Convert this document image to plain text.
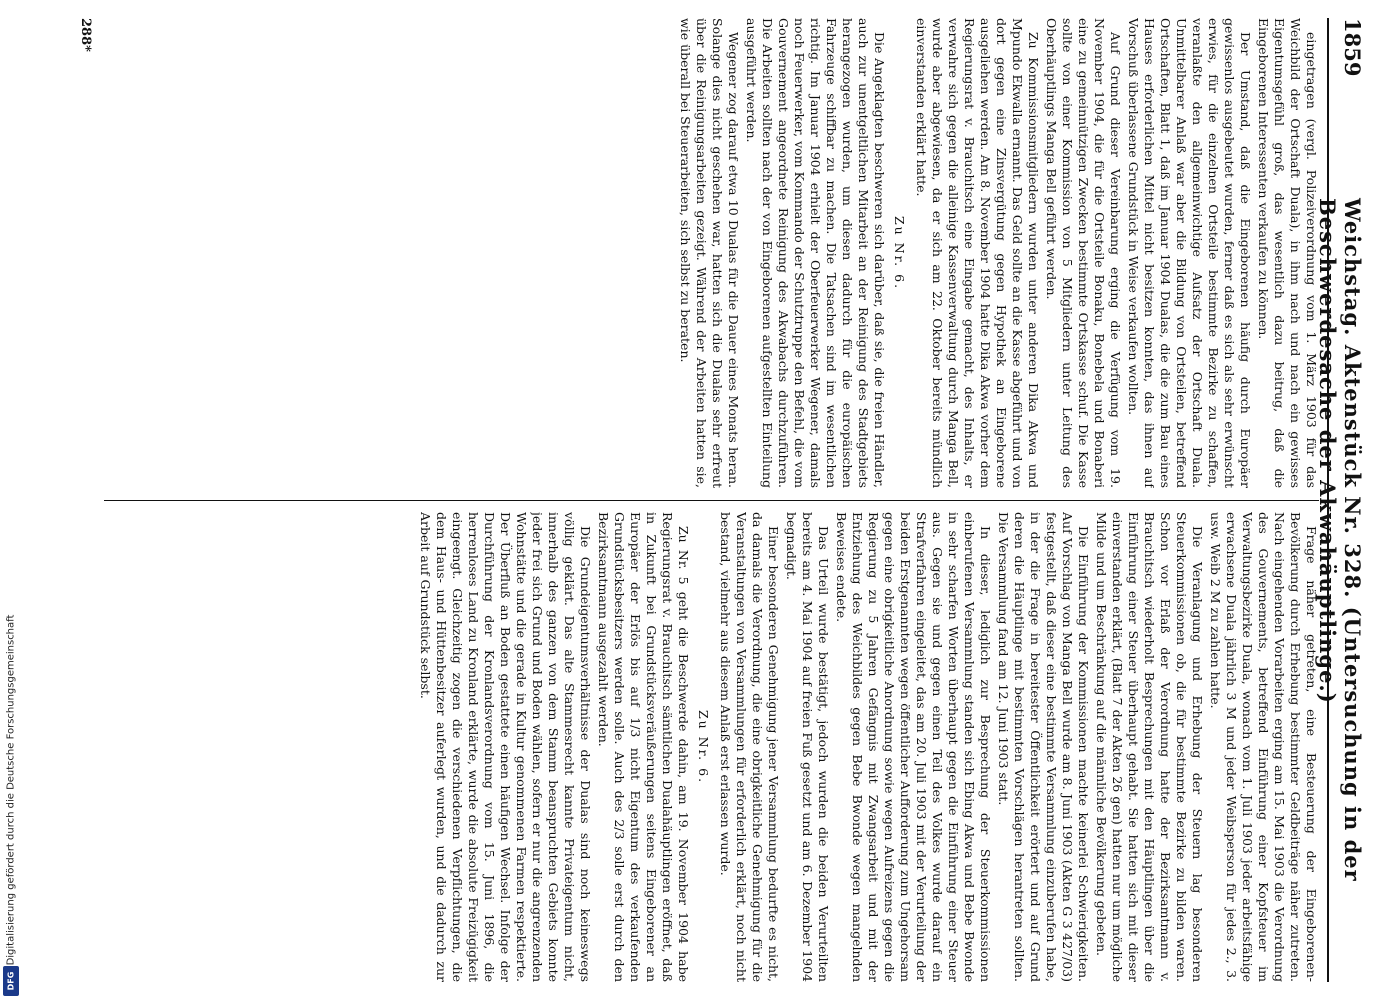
Digitalisierung gefördert durch die Deutsche Forschungsgemeinschaft
DFG
1859
Weichstag. Aktenstück Nr. 328. (Untersuchung in der Beschwerdesache der Akwahäuptlinge.)

eingetragen (vergl. Polizeiverordnung vom 1. März 1903 für das Weichbild der Ortschaft Duala), in ihm nach und nach ein gewisses Eigentumsgefühl groß, das wesentlich dazu beitrug, daß die Eingeborenen Interessenten verkaufen zu können.

Der Umstand, daß die Eingeborenen häufig durch Europäer gewissenlos ausgebeutet wurden, ferner daß es sich als sehr erwünscht erwies, für die einzelnen Ortsteile bestimmte Bezirke zu schaffen, veranlaßte den allgemeinwichtige Aufsatz der Ortschaft Duala. Unmittelbarer Anlaß war aber die Bildung von Ortsteilen, betreffend Ortschaften, Blatt 1, daß im Januar 1904 Dualas, die die zum Bau eines Hauses erforderlichen Mittel nicht besitzen konnten, das ihnen auf Vorschuß überlassene Grundstück in Weise verkaufen wollten.

Auf Grund dieser Vereinbarung erging die Verfügung vom 19. November 1904, die für die Ortsteile Bonaku, Bonebela und Bonaberi eine zu gemeinnützigen Zwecken bestimmte Ortskasse schuf. Die Kasse sollte von einer Kommission von 5 Mitgliedern unter Leitung des Oberhäuptlings Manga Bell geführt werden.

Zu Kommissionsmitgliedern wurden unter anderen Dika Akwa und Mpundo Ekwalla ernannt. Das Geld sollte an die Kasse abgeführt und von dort gegen eine Zinsvergütung gegen Hypothek an Eingeborene ausgeliehen werden. Am 8. November 1904 hatte Dika Akwa vorher dem Regierungsrat v. Brauchitsch eine Eingabe gemacht, des Inhalts, er verwahre sich gegen die alleinige Kassenverwaltung durch Manga Bell, wurde aber abgewiesen, da er sich am 22. Oktober bereits mündlich einverstanden erklärt hatte.

Zu Nr. 6.

Die Angeklagten beschweren sich darüber, daß sie, die freien Händler, auch zur unentgeltlichen Mitarbeit an der Reinigung des Stadtgebiets herangezogen wurden, um diesen dadurch für die europäischen Fahrzeuge schiffbar zu machen. Die Tatsachen sind im wesentlichen richtig. Im Januar 1904 erhielt der Oberfeuerwerker Wegener, damals noch Feuerwerker, vom Kommando der Schutztruppe den Befehl, die vom Gouvernement angeordnete Reinigung des Akwabachs durchzuführen. Die Arbeiten sollten nach der von Eingeborenen aufgestellten Einteilung ausgeführt werden.

Wegener zog darauf etwa 10 Dualas für die Dauer eines Monats heran. Solange dies nicht geschehen war, hatten sich die Dualas sehr erfreut über die Reinigungsarbeiten gezeigt. Während der Arbeiten hatten sie, wie überall bei Steuerarbeiten, sich selbst zu beraten.

Frage näher getreten, eine Besteuerung der Eingeborenen-Bevölkerung durch Erhebung bestimmter Geldbeiträge näher zutreten. Nach eingehenden Vorarbeiten erging am 15. Mai 1903 die Verordnung des Gouvernements, betreffend Einführung einer Kopfsteuer im Verwaltungsbezirke Duala, wonach vom 1. Juli 1903 jeder arbeitsfähige erwachsene Duala jährlich 3 M und jeder Weibsperson für jedes 2., 3. usw. Weib 2 M zu zahlen hatte.

Die Veranlagung und Erhebung der Steuern lag besonderen Steuerkommissionen ob, die für bestimmte Bezirke zu bilden waren. Schon vor Erlaß der Verordnung hatte der Bezirksamtmann v. Brauchitsch wiederholt Besprechungen mit den Häuptlingen über die Einführung einer Steuer überhaupt gehabt. Sie hatten sich mit dieser einverstanden erklärt, (Blatt 7 der Akten 26 gen) hatten nur um mögliche Milde und um Beschränkung auf die männliche Bevölkerung gebeten.

Die Einführung der Kommissionen machte keinerlei Schwierigkeiten. Auf Vorschlag von Manga Bell wurde am 8. Juni 1903 (Akten G 3 427/03) festgestellt, daß dieser eine bestimmte Versammlung einzuberufen habe, in der die Frage in bereitester Öffentlichkeit erörtert und auf Grund deren die Häuptlinge mit bestimmten Vorschlägen herantreten sollten. Die Versammlung fand am 12. Juni 1903 statt.

In dieser, lediglich zur Besprechung der Steuerkommissionen einberufenen Versammlung standen sich Ebing Akwa und Bebe Bwonde in sehr scharfen Worten überhaupt gegen die Einführung einer Steuer aus. Gegen sie und gegen einen Teil des Volkes wurde darauf ein Strafverfahren eingeleitet, das am 20. Juli 1903 mit der Verurteilung der beiden Erstgenannten wegen öffentlicher Aufforderung zum Ungehorsam gegen eine obrigkeitliche Anordnung sowie wegen Aufreizens gegen die Regierung zu 5 Jahren Gefängnis mit Zwangsarbeit und mit der Entziehung des Weichbildes gegen Bebe Bwonde wegen mangelnden Beweises endete.

Das Urteil wurde bestätigt, jedoch wurden die beiden Verurteilten bereits am 4. Mai 1904 auf freien Fuß gesetzt und am 6. Dezember 1904 begnadigt.

Einer besonderen Genehmigung jener Versammlung bedurfte es nicht, da damals die Verordnung, die eine obrigkeitliche Genehmigung für die Veranstaltungen von Versammlungen für erforderlich erklärt, noch nicht bestand, vielmehr aus diesem Anlaß erst erlassen wurde.

Zu Nr. 6.

Zu Nr. 5 geht die Beschwerde dahin, am 19. November 1904 habe Regierungsrat v. Brauchitsch sämtlichen Dualahäuptlingen eröffnet, daß in Zukunft bei Grundstücksveräußerungen seitens Eingeborener an Europäer der Erlös bis auf 1/3 nicht Eigentum des verkaufenden Grundstücksbesitzers werden solle. Auch des 2/3 solle erst durch den Bezirksamtmann ausgezahlt werden.

Die Grundeigentumsverhältnisse der Dualas sind noch keineswegs völlig geklärt. Das alte Stammesrecht kannte Privateigentum nicht, innerhalb des ganzen von dem Stamm beanspruchten Gebiets konnte jeder frei sich Grund und Boden wählen, sofern er nur die angrenzenden Wohnstätte und die gerade in Kultur genommenen Farmen respektierte. Der Überfluß an Boden gestattete einen häufigen Wechsel. Infolge der Durchführung der Kronlandsverordnung vom 15. Juni 1896, die herrenloses Land zu Kronland erklärte, wurde die absolute Freizügigkeit eingeengt. Gleichzeitig zogen die verschiedenen Verpflichtungen, die dem Haus- und Hüttenbesitzer auferlegt wurden, und die dadurch zur Arbeit auf Grundstück selbst.

288*
